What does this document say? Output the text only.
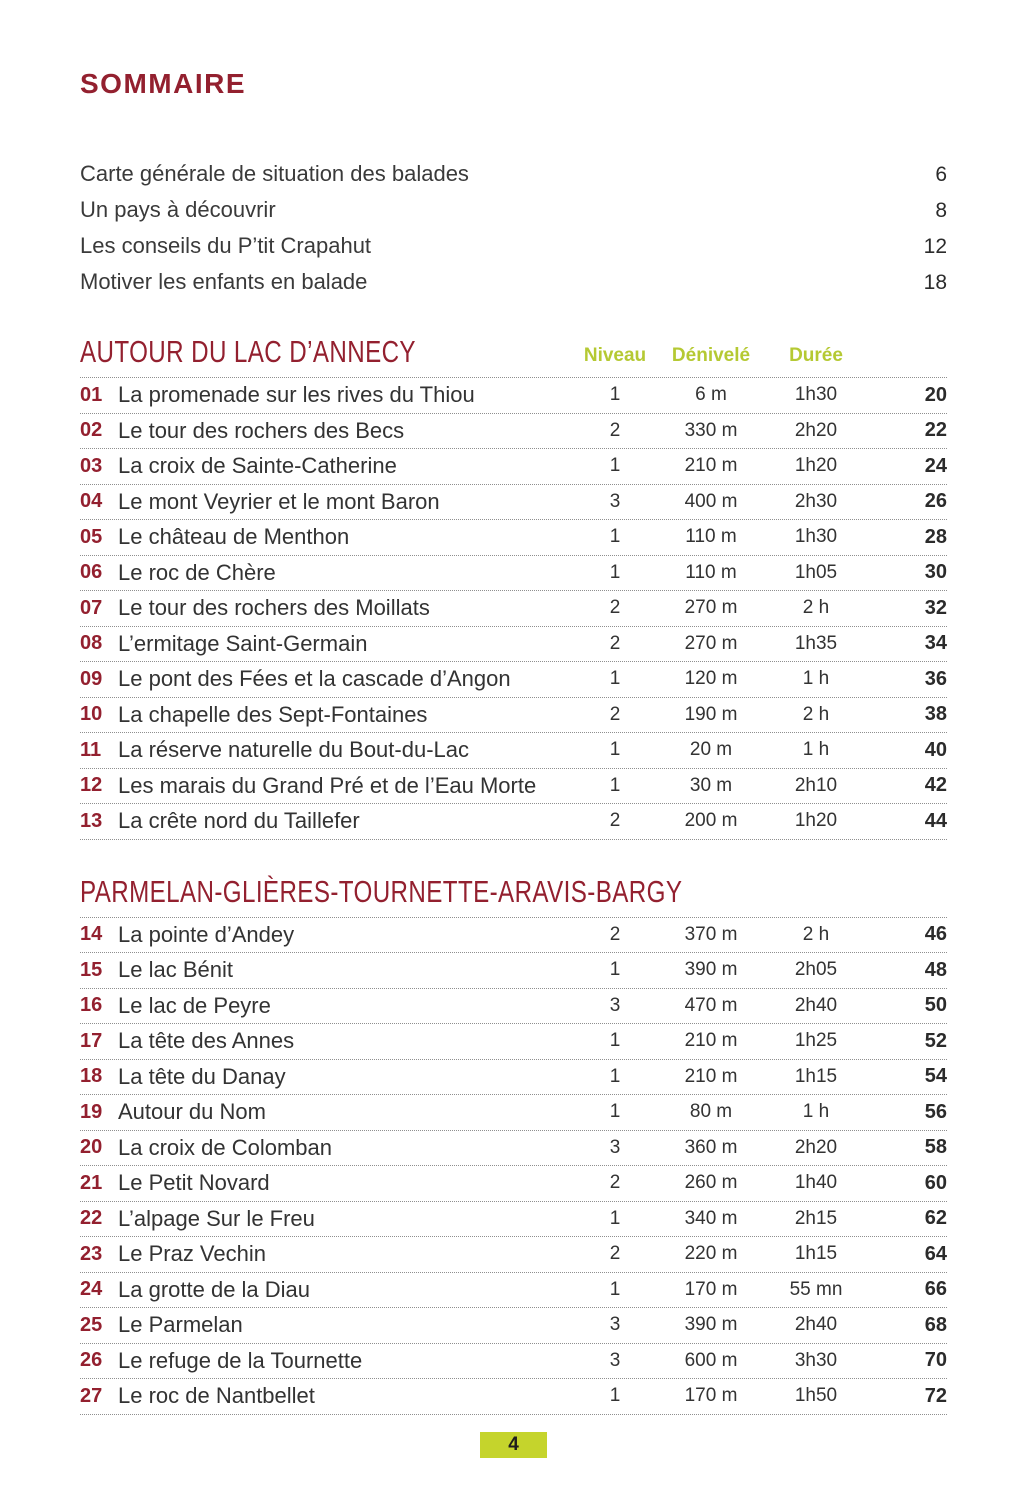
SOMMAIRE
Carte générale de situation des balades	6
Un pays à découvrir	8
Les conseils du P’tit Crapahut	12
Motiver les enfants en balade	18
AUTOUR DU LAC D’ANNECY	Niveau	Dénivelé	Durée
01 La promenade sur les rives du Thiou	1	6 m	1h30	20
02 Le tour des rochers des Becs	2	330 m	2h20	22
03 La croix de Sainte-Catherine	1	210 m	1h20	24
04 Le mont Veyrier et le mont Baron	3	400 m	2h30	26
05 Le château de Menthon	1	110 m	1h30	28
06 Le roc de Chère	1	110 m	1h05	30
07 Le tour des rochers des Moillats	2	270 m	2 h	32
08 L’ermitage Saint-Germain	2	270 m	1h35	34
09 Le pont des Fées et la cascade d’Angon	1	120 m	1 h	36
10 La chapelle des Sept-Fontaines	2	190 m	2 h	38
11 La réserve naturelle du Bout-du-Lac	1	20 m	1 h	40
12 Les marais du Grand Pré et de l’Eau Morte	1	30 m	2h10	42
13 La crête nord du Taillefer	2	200 m	1h20	44
PARMELAN-GLIÈRES-TOURNETTE-ARAVIS-BARGY
14 La pointe d’Andey	2	370 m	2 h	46
15 Le lac Bénit	1	390 m	2h05	48
16 Le lac de Peyre	3	470 m	2h40	50
17 La tête des Annes	1	210 m	1h25	52
18 La tête du Danay	1	210 m	1h15	54
19 Autour du Nom	1	80 m	1 h	56
20 La croix de Colomban	3	360 m	2h20	58
21 Le Petit Novard	2	260 m	1h40	60
22 L’alpage Sur le Freu	1	340 m	2h15	62
23 Le Praz Vechin	2	220 m	1h15	64
24 La grotte de la Diau	1	170 m	55 mn	66
25 Le Parmelan	3	390 m	2h40	68
26 Le refuge de la Tournette	3	600 m	3h30	70
27 Le roc de Nantbellet	1	170 m	1h50	72
4
